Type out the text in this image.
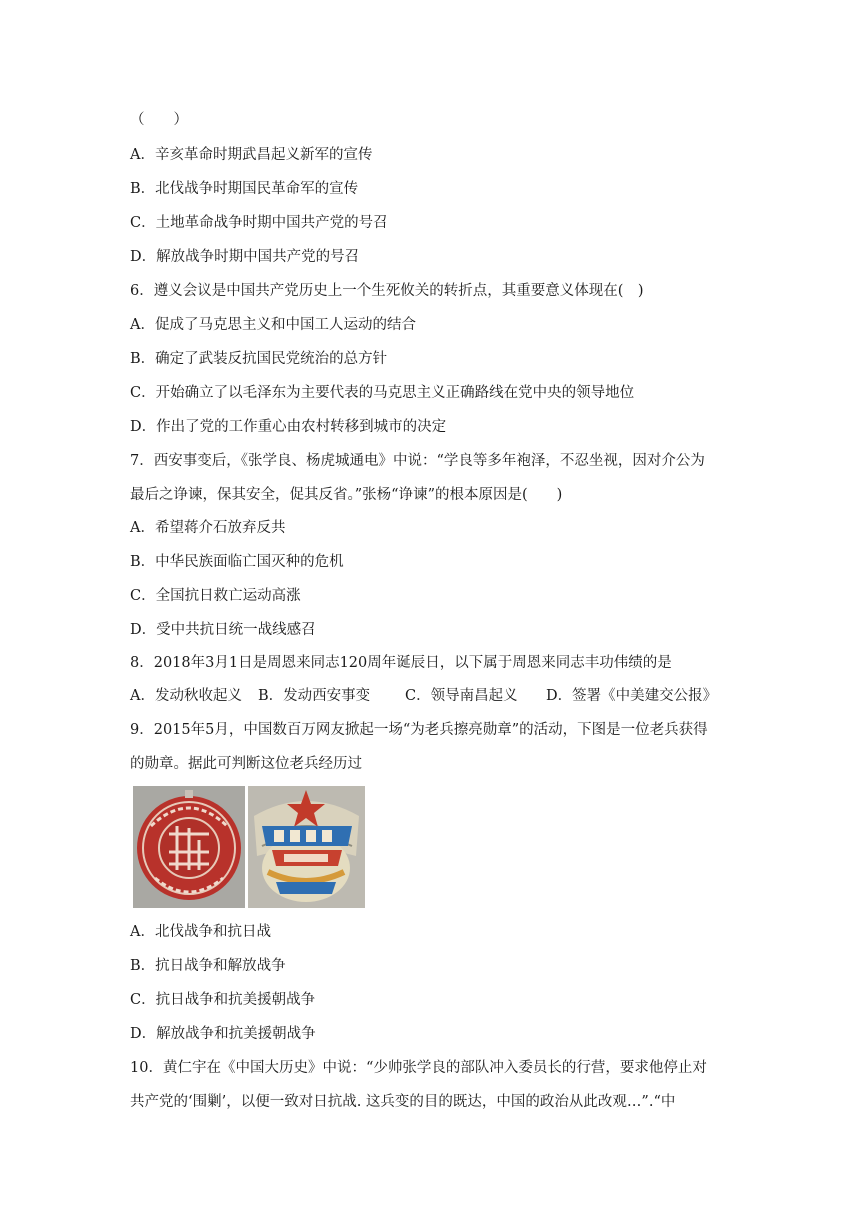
（　　）
A．辛亥革命时期武昌起义新军的宣传
B．北伐战争时期国民革命军的宣传
C．土地革命战争时期中国共产党的号召
D．解放战争时期中国共产党的号召
6．遵义会议是中国共产党历史上一个生死攸关的转折点，其重要意义体现在(　)
A．促成了马克思主义和中国工人运动的结合
B．确定了武装反抗国民党统治的总方针
C．开始确立了以毛泽东为主要代表的马克思主义正确路线在党中央的领导地位
D．作出了党的工作重心由农村转移到城市的决定
7．西安事变后，《张学良、杨虎城通电》中说：“学良等多年袍泽，不忍坐视，因对介公为
最后之诤谏，保其安全，促其反省。”张杨“诤谏”的根本原因是(　　)
A．希望蒋介石放弃反共
B．中华民族面临亡国灭种的危机
C．全国抗日救亡运动高涨
D．受中共抗日统一战线感召
8．2018年3月1日是周恩来同志120周年诞辰日，以下属于周恩来同志丰功伟绩的是
A．发动秋收起义 B．发动西安事变 C．领导南昌起义 D．签署《中美建交公报》
9．2015年5月，中国数百万网友掀起一场“为老兵擦亮勋章”的活动，下图是一位老兵获得
的勋章。据此可判断这位老兵经历过
A．北伐战争和抗日战
B．抗日战争和解放战争
C．抗日战争和抗美援朝战争
D．解放战争和抗美援朝战争
10．黄仁宇在《中国大历史》中说：“少帅张学良的部队冲入委员长的行营，要求他停止对
共产党的‘围剿’，以便一致对日抗战. 这兵变的目的既达，中国的政治从此改观…”.“中
